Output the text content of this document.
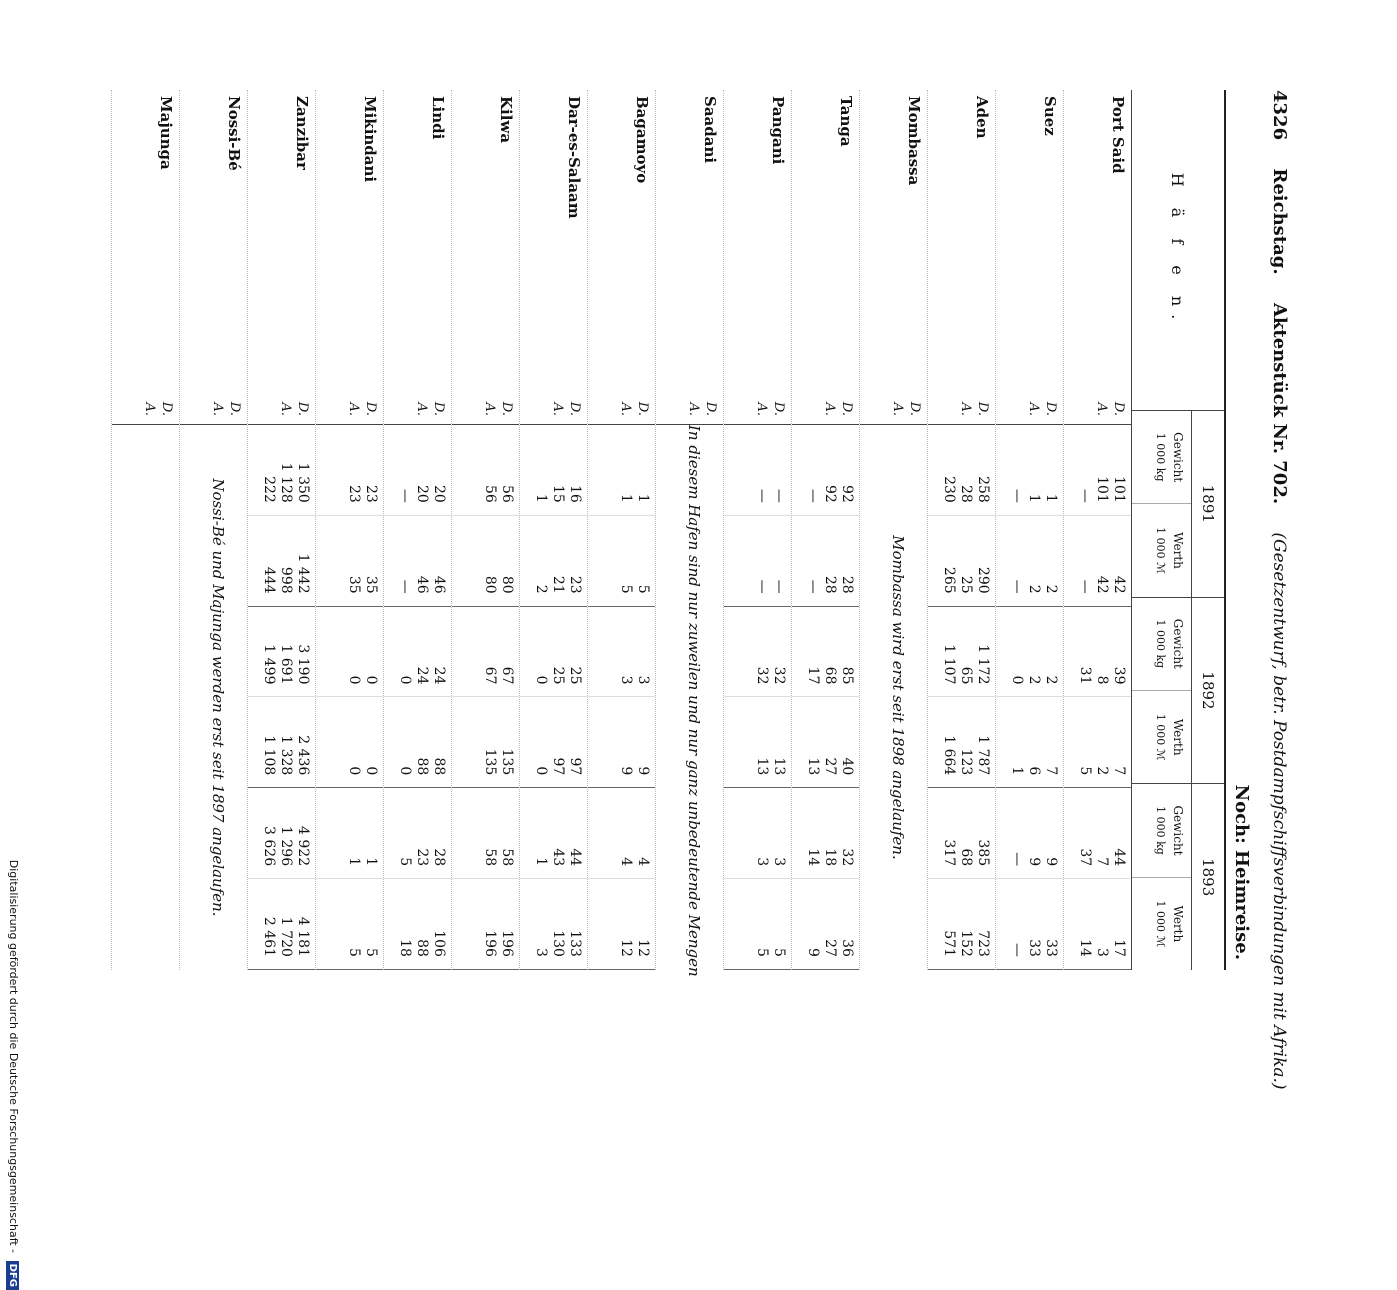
Digitalisierung gefördert durch die Deutsche Forschungsgemeinschaft - DFG
4326 Reichstag. Aktenstück Nr. 702. (Gesetzentwurf, betr. Postdampfschiffsverbindungen mit Afrika.)
Noch: Heimreise.
H ä f e n.
1891
Gewicht
1 000 kg
Werth
1 000 ℳ
1892
Gewicht
1 000 kg
Werth
1 000 ℳ
1893
Gewicht
1 000 kg
Werth
1 000 ℳ
Port Said
D.
A.
101
101
—
42
42
—
39
8
31
7
2
5
44
7
37
17
3
14
Suez
D.
A.
1
1
—
2
2
—
2
2
0
7
6
1
9
9
—
33
33
—
Aden
D.
A.
258
28
230
290
25
265
1 172
65
1 107
1 787
123
1 664
385
68
317
723
152
571
Mombassa
D.
A.
Mombassa wird erst seit 1898 angelaufen.
Tanga
D.
A.
92
92
—
28
28
—
85
68
17
40
27
13
32
18
14
36
27
9
Pangani
D.
A.
—
—
—
—
32
32
13
13
3
3
5
5
Saadani
D.
A.
In diesem Hafen sind nur zuweilen und nur ganz unbedeutende Mengen
Bagamoyo
D.
A.
1
1
5
5
3
3
9
9
4
4
12
12
Dar-es-Salaam
D.
A.
16
15
1
23
21
2
25
25
0
97
97
0
44
43
1
133
130
3
Kilwa
D.
A.
56
56
80
80
67
67
135
135
58
58
196
196
Lindi
D.
A.
20
20
—
46
46
—
24
24
0
88
88
0
28
23
5
106
88
18
Mikindani
D.
A.
23
23
35
35
0
0
0
0
1
1
5
5
Zanzibar
D.
A.
1 350
1 128
222
1 442
998
444
3 190
1 691
1 499
2 436
1 328
1 108
4 922
1 296
3 626
4 181
1 720
2 461
Nossi-Bé
D.
A.
Nossi-Bé und Majunga werden erst seit 1897 angelaufen.
Majunga
D.
A.
